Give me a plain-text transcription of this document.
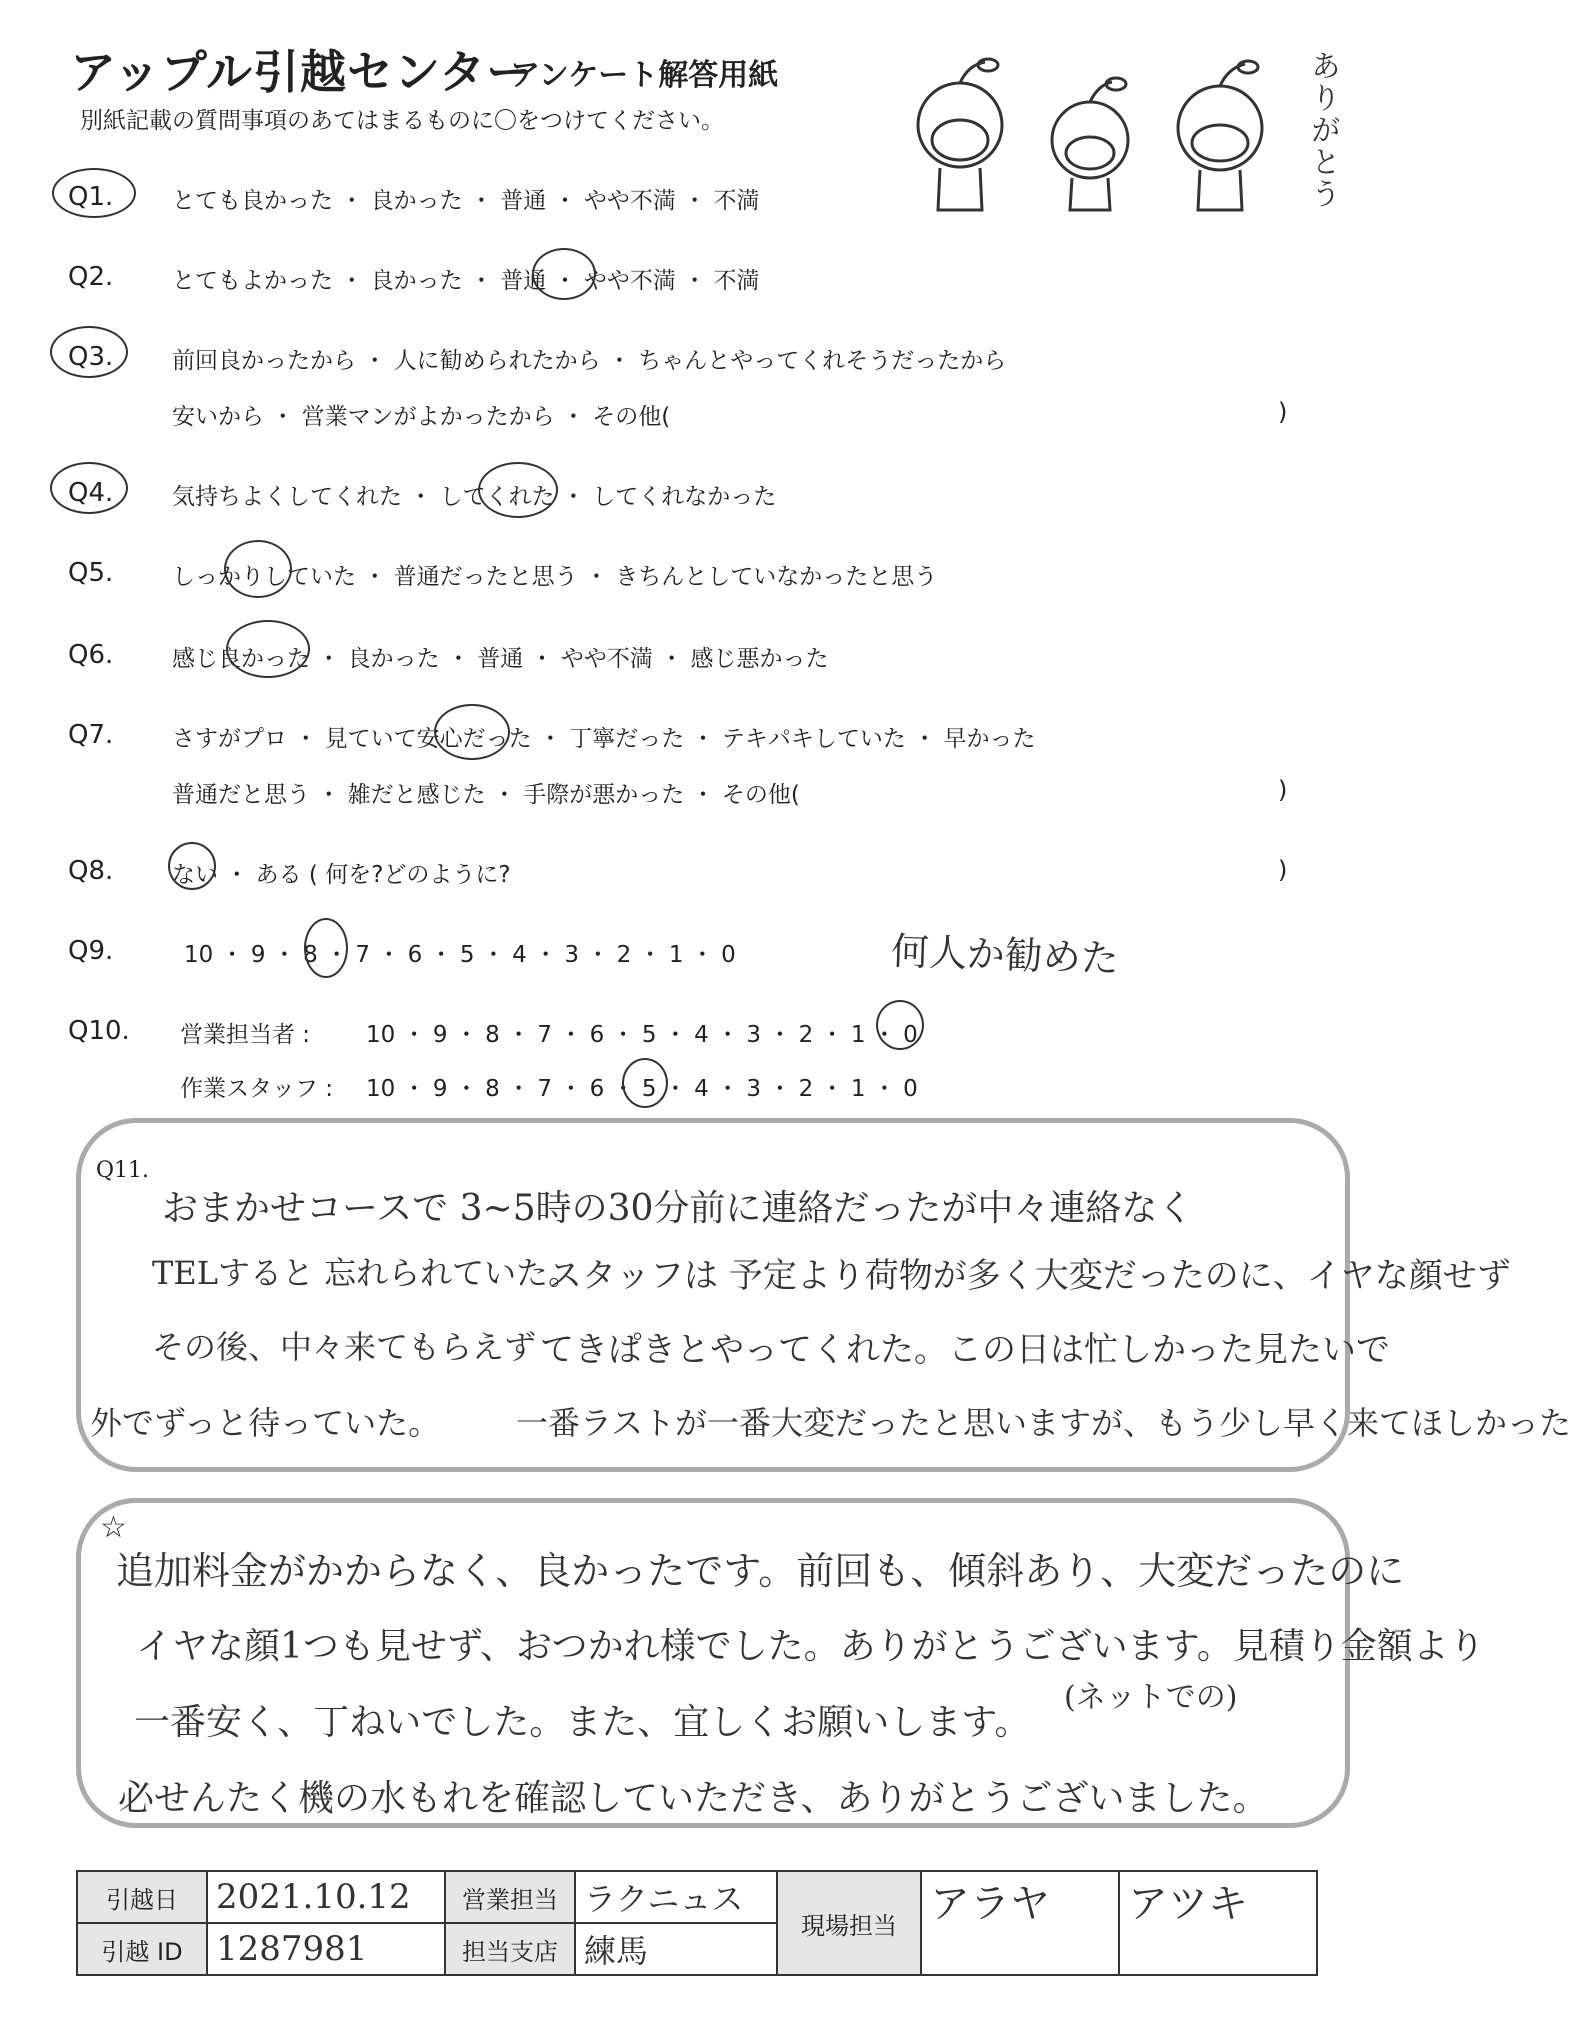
アップル引越センター
アンケート解答用紙
別紙記載の質問事項のあてはまるものに〇をつけてください。	ありがとう
Q1.	とても良かった ・ 良かった ・ 普通 ・ やや不満 ・ 不満
Q2.	とてもよかった ・ 良かった ・ 普通 ・ やや不満 ・ 不満
Q3.	前回良かったから ・ 人に勧められたから ・ ちゃんとやってくれそうだったから
安いから ・ 営業マンがよかったから ・ その他(	)
Q4.	気持ちよくしてくれた ・ してくれた ・ してくれなかった
Q5.	しっかりしていた ・ 普通だったと思う ・ きちんとしていなかったと思う
Q6.	感じ良かった ・ 良かった ・ 普通 ・ やや不満 ・ 感じ悪かった
Q7.	さすがプロ ・ 見ていて安心だった ・ 丁寧だった ・ テキパキしていた ・ 早かった
普通だと思う ・ 雑だと感じた ・ 手際が悪かった ・ その他(	)
Q8.	ない ・ ある ( 何を?どのように?	)
Q9.	10 ・ 9 ・ 8 ・ 7 ・ 6 ・ 5 ・ 4 ・ 3 ・ 2 ・ 1 ・ 0	何人か勧めた
Q10. 営業担当者 : 10 ・ 9 ・ 8 ・ 7 ・ 6 ・ 5 ・ 4 ・ 3 ・ 2 ・ 1 ・ 0
作業スタッフ : 10 ・ 9 ・ 8 ・ 7 ・ 6 ・ 5 ・ 4 ・ 3 ・ 2 ・ 1 ・ 0
Q11.
おまかせコースで 3~5時の30分前に連絡だったが中々連絡なく
TELすると 忘れられていた。
スタッフは 予定より荷物が多く大変だったのに、イヤな顔せず
その後、中々来てもらえず てきぱきとやってくれた。この日は忙しかった見たいで
外でずっと待っていた。 一番ラストが一番大変だったと思いますが、もう少し早く来てほしかった
☆
追加料金がかからなく、良かったです。前回も、傾斜あり、大変だったのに
イヤな顔1つも見せず、おつかれ様でした。ありがとうございます。見積り金額より
(ネットでの)
一番安く、丁ねいでした。また、宜しくお願いします。
必せんたく機の水もれを確認していただき、ありがとうございました。
引越日	2021.10.12	営業担当	ラクニュス	現場担当	アラヤ	アツキ
引越 ID	1287981	担当支店	練馬			
